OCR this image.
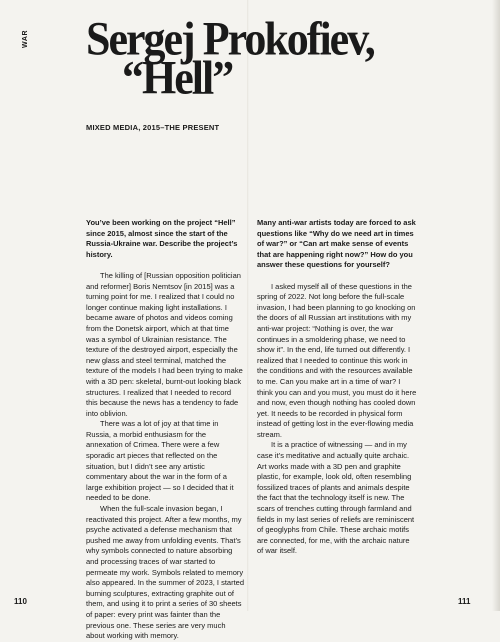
WAR Sergej Prokofiev,
“Hell”
MIXED MEDIA, 2015–THE PRESENT

You’ve been working on the project “Hell” since 2015, almost since the start of the Russia-Ukraine war. Describe the project’s history.

The killing of [Russian opposition politician and reformer] Boris Nemtsov [in 2015] was a turning point for me. I realized that I could no longer continue making light installations. I became aware of photos and videos coming from the Donetsk airport, which at that time was a symbol of Ukrainian resistance. The texture of the destroyed airport, especially the new glass and steel terminal, matched the texture of the models I had been trying to make with a 3D pen: skeletal, burnt-out looking black structures. I realized that I needed to record this because the news has a tendency to fade into oblivion.

There was a lot of joy at that time in Russia, a morbid enthusiasm for the annexation of Crimea. There were a few sporadic art pieces that reflected on the situation, but I didn’t see any artistic commentary about the war in the form of a large exhibition project — so I decided that it needed to be done.

When the full-scale invasion began, I reactivated this project. After a few months, my psyche activated a defense mechanism that pushed me away from unfolding events. That’s why symbols connected to nature absorbing and processing traces of war started to permeate my work. Symbols related to memory also appeared. In the summer of 2023, I started burning sculptures, extracting graphite out of them, and using it to print a series of 30 sheets of paper: every print was fainter than the previous one. These series are very much about working with memory.

Many anti-war artists today are forced to ask questions like “Why do we need art in times of war?” or “Can art make sense of events that are happening right now?” How do you answer these questions for yourself?

I asked myself all of these questions in the spring of 2022. Not long before the full-scale invasion, I had been planning to go knocking on the doors of all Russian art institutions with my anti-war project: “Nothing is over, the war continues in a smoldering phase, we need to show it”. In the end, life turned out differently. I realized that I needed to continue this work in the conditions and with the resources available to me. Can you make art in a time of war? I think you can and you must, you must do it here and now, even though nothing has cooled down yet. It needs to be recorded in physical form instead of getting lost in the ever-flowing media stream.

It is a practice of witnessing — and in my case it’s meditative and actually quite archaic. Art works made with a 3D pen and graphite plastic, for example, look old, often resembling fossilized traces of plants and animals despite the fact that the technology itself is new. The scars of trenches cutting through farmland and fields in my last series of reliefs are reminiscent of geoglyphs from Chile. These archaic motifs are connected, for me, with the archaic nature of war itself.

110	111
